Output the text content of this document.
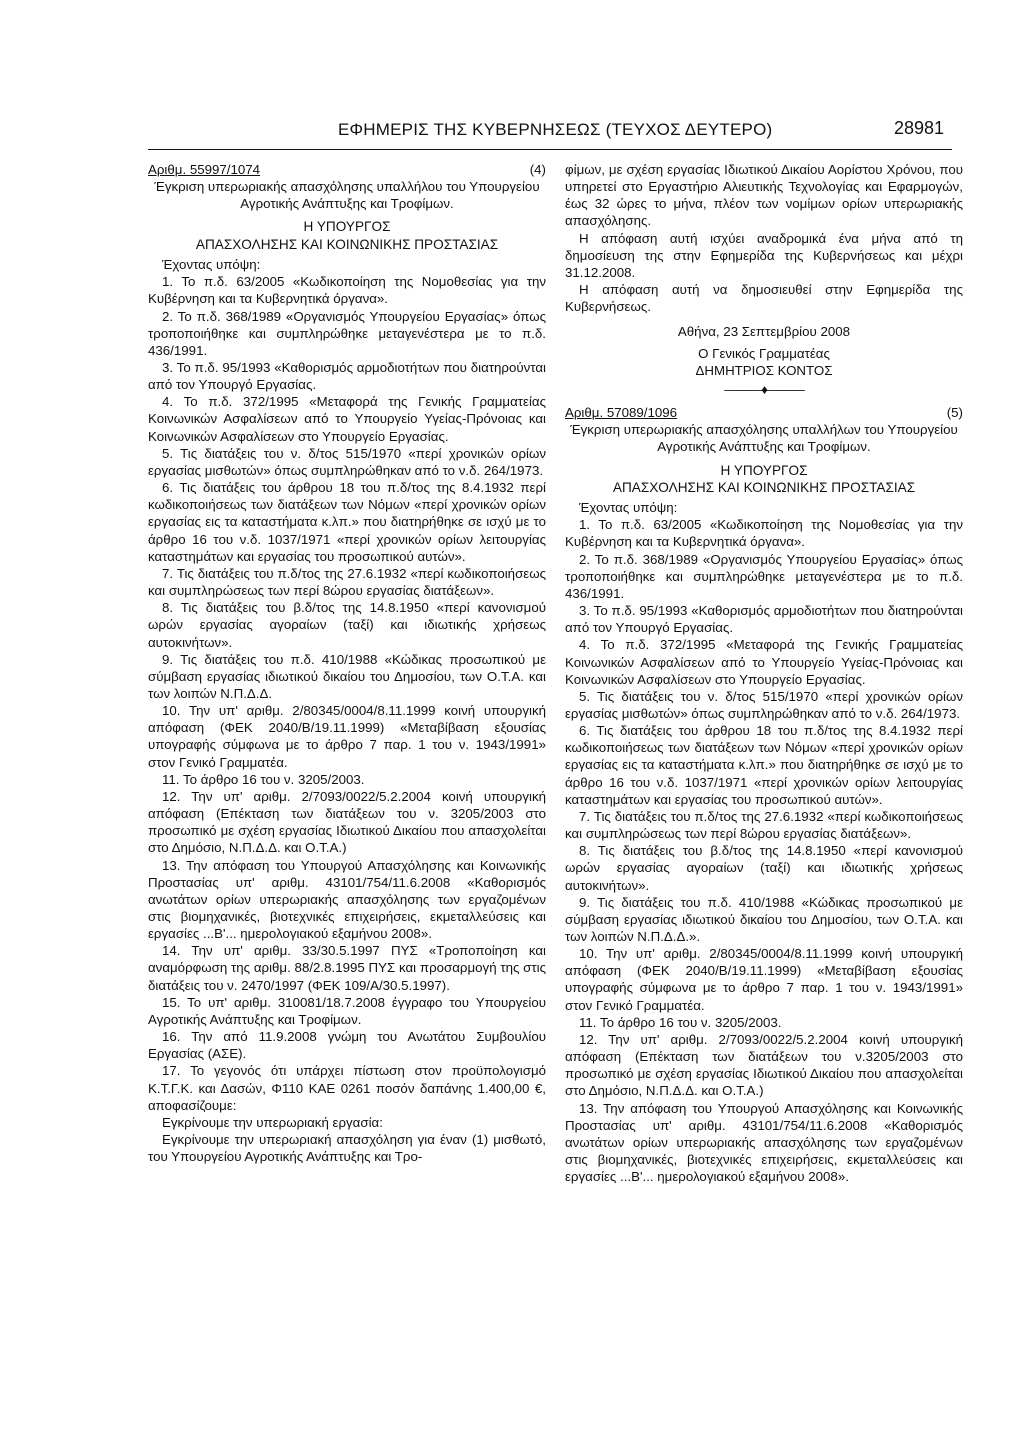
ΕΦΗΜΕΡΙΣ ΤΗΣ ΚΥΒΕΡΝΗΣΕΩΣ (ΤΕΥΧΟΣ ΔΕΥΤΕΡΟ)	28981
Αριθμ. 55997/1074	(4)

Έγκριση υπερωριακής απασχόλησης υπαλλήλου του Υπουργείου Αγροτικής Ανάπτυξης και Τροφίμων.

Η ΥΠΟΥΡΓΟΣ
ΑΠΑΣΧΟΛΗΣΗΣ ΚΑΙ ΚΟΙΝΩΝΙΚΗΣ ΠΡΟΣΤΑΣΙΑΣ

Έχοντας υπόψη:

1. Το π.δ. 63/2005 «Κωδικοποίηση της Νομοθεσίας για την Κυβέρνηση και τα Κυβερνητικά όργανα».

2. Το π.δ. 368/1989 «Οργανισμός Υπουργείου Εργασίας» όπως τροποποιήθηκε και συμπληρώθηκε μεταγενέστερα με το π.δ. 436/1991.

3. Το π.δ. 95/1993 «Καθορισμός αρμοδιοτήτων που διατηρούνται από τον Υπουργό Εργασίας.

4. Το π.δ. 372/1995 «Μεταφορά της Γενικής Γραμματείας Κοινωνικών Ασφαλίσεων από το Υπουργείο Υγείας-Πρόνοιας και Κοινωνικών Ασφαλίσεων στο Υπουργείο Εργασίας.

5. Τις διατάξεις του ν. δ/τος 515/1970 «περί χρονικών ορίων εργασίας μισθωτών» όπως συμπληρώθηκαν από το ν.δ. 264/1973.

6. Τις διατάξεις του άρθρου 18 του π.δ/τος της 8.4.1932 περί κωδικοποιήσεως των διατάξεων των Νόμων «περί χρονικών ορίων εργασίας εις τα καταστήματα κ.λπ.» που διατηρήθηκε σε ισχύ με το άρθρο 16 του ν.δ. 1037/1971 «περί χρονικών ορίων λειτουργίας καταστημάτων και εργασίας του προσωπικού αυτών».

7. Τις διατάξεις του π.δ/τος της 27.6.1932 «περί κωδικοποιήσεως και συμπληρώσεως των περί 8ώρου εργασίας διατάξεων».

8. Τις διατάξεις του β.δ/τος της 14.8.1950 «περί κανονισμού ωρών εργασίας αγοραίων (ταξί) και ιδιωτικής χρήσεως αυτοκινήτων».

9. Τις διατάξεις του π.δ. 410/1988 «Κώδικας προσωπικού με σύμβαση εργασίας ιδιωτικού δικαίου του Δημοσίου, των Ο.Τ.Α. και των λοιπών Ν.Π.Δ.Δ.

10. Την υπ' αριθμ. 2/80345/0004/8.11.1999 κοινή υπουργική απόφαση (ΦΕΚ 2040/Β/19.11.1999) «Μεταβίβαση εξουσίας υπογραφής σύμφωνα με το άρθρο 7 παρ. 1 του ν. 1943/1991» στον Γενικό Γραμματέα.

11. Το άρθρο 16 του ν. 3205/2003.

12. Την υπ' αριθμ. 2/7093/0022/5.2.2004 κοινή υπουργική απόφαση (Επέκταση των διατάξεων του ν. 3205/2003 στο προσωπικό με σχέση εργασίας Ιδιωτικού Δικαίου που απασχολείται στο Δημόσιο, Ν.Π.Δ.Δ. και Ο.Τ.Α.)

13. Την απόφαση του Υπουργού Απασχόλησης και Κοινωνικής Προστασίας υπ' αριθμ. 43101/754/11.6.2008 «Καθορισμός ανωτάτων ορίων υπερωριακής απασχόλησης των εργαζομένων στις βιομηχανικές, βιοτεχνικές επιχειρήσεις, εκμεταλλεύσεις και εργασίες ...Β'... ημερολογιακού εξαμήνου 2008».

14. Την υπ' αριθμ. 33/30.5.1997 ΠΥΣ «Τροποποίηση και αναμόρφωση της αριθμ. 88/2.8.1995 ΠΥΣ και προσαρμογή της στις διατάξεις του ν. 2470/1997 (ΦΕΚ 109/Α/30.5.1997).

15. Το υπ' αριθμ. 310081/18.7.2008 έγγραφο του Υπουργείου Αγροτικής Ανάπτυξης και Τροφίμων.

16. Την από 11.9.2008 γνώμη του Ανωτάτου Συμβουλίου Εργασίας (ΑΣΕ).

17. Το γεγονός ότι υπάρχει πίστωση στον προϋπολογισμό Κ.Τ.Γ.Κ. και Δασών, Φ110 ΚΑΕ 0261 ποσόν δαπάνης 1.400,00 €, αποφασίζουμε:

Εγκρίνουμε την υπερωριακή εργασία:

Εγκρίνουμε την υπερωριακή απασχόληση για έναν (1) μισθωτό, του Υπουργείου Αγροτικής Ανάπτυξης και Τρο-

φίμων, με σχέση εργασίας Ιδιωτικού Δικαίου Αορίστου Χρόνου, που υπηρετεί στο Εργαστήριο Αλιευτικής Τεχνολογίας και Εφαρμογών, έως 32 ώρες το μήνα, πλέον των νομίμων ορίων υπερωριακής απασχόλησης.

Η απόφαση αυτή ισχύει αναδρομικά ένα μήνα από τη δημοσίευση της στην Εφημερίδα της Κυβερνήσεως και μέχρι 31.12.2008.

Η απόφαση αυτή να δημοσιευθεί στην Εφημερίδα της Κυβερνήσεως.

Αθήνα, 23 Σεπτεμβρίου 2008

Ο Γενικός Γραμματέας

ΔΗΜΗΤΡΙΟΣ ΚΟΝΤΟΣ

———♦———

Αριθμ. 57089/1096	(5)

Έγκριση υπερωριακής απασχόλησης υπαλλήλων του Υπουργείου Αγροτικής Ανάπτυξης και Τροφίμων.

Η ΥΠΟΥΡΓΟΣ
ΑΠΑΣΧΟΛΗΣΗΣ ΚΑΙ ΚΟΙΝΩΝΙΚΗΣ ΠΡΟΣΤΑΣΙΑΣ

Έχοντας υπόψη:

1. Το π.δ. 63/2005 «Κωδικοποίηση της Νομοθεσίας για την Κυβέρνηση και τα Κυβερνητικά όργανα».

2. Το π.δ. 368/1989 «Οργανισμός Υπουργείου Εργασίας» όπως τροποποιήθηκε και συμπληρώθηκε μεταγενέστερα με το π.δ. 436/1991.

3. Το π.δ. 95/1993 «Καθορισμός αρμοδιοτήτων που διατηρούνται από τον Υπουργό Εργασίας.

4. Το π.δ. 372/1995 «Μεταφορά της Γενικής Γραμματείας Κοινωνικών Ασφαλίσεων από το Υπουργείο Υγείας-Πρόνοιας και Κοινωνικών Ασφαλίσεων στο Υπουργείο Εργασίας.

5. Τις διατάξεις του ν. δ/τος 515/1970 «περί χρονικών ορίων εργασίας μισθωτών» όπως συμπληρώθηκαν από το ν.δ. 264/1973.

6. Τις διατάξεις του άρθρου 18 του π.δ/τος της 8.4.1932 περί κωδικοποιήσεως των διατάξεων των Νόμων «περί χρονικών ορίων εργασίας εις τα καταστήματα κ.λπ.» που διατηρήθηκε σε ισχύ με το άρθρο 16 του ν.δ. 1037/1971 «περί χρονικών ορίων λειτουργίας καταστημάτων και εργασίας του προσωπικού αυτών».

7. Τις διατάξεις του π.δ/τος της 27.6.1932 «περί κωδικοποιήσεως και συμπληρώσεως των περί 8ώρου εργασίας διατάξεων».

8. Τις διατάξεις του β.δ/τος της 14.8.1950 «περί κανονισμού ωρών εργασίας αγοραίων (ταξί) και ιδιωτικής χρήσεως αυτοκινήτων».

9. Τις διατάξεις του π.δ. 410/1988 «Κώδικας προσωπικού με σύμβαση εργασίας ιδιωτικού δικαίου του Δημοσίου, των Ο.Τ.Α. και των λοιπών Ν.Π.Δ.Δ.».

10. Την υπ' αριθμ. 2/80345/0004/8.11.1999 κοινή υπουργική απόφαση (ΦΕΚ 2040/Β/19.11.1999) «Μεταβίβαση εξουσίας υπογραφής σύμφωνα με το άρθρο 7 παρ. 1 του ν. 1943/1991» στον Γενικό Γραμματέα.

11. Το άρθρο 16 του ν. 3205/2003.

12. Την υπ' αριθμ. 2/7093/0022/5.2.2004 κοινή υπουργική απόφαση (Επέκταση των διατάξεων του ν.3205/2003 στο προσωπικό με σχέση εργασίας Ιδιωτικού Δικαίου που απασχολείται στο Δημόσιο, Ν.Π.Δ.Δ. και Ο.Τ.Α.)

13. Την απόφαση του Υπουργού Απασχόλησης και Κοινωνικής Προστασίας υπ' αριθμ. 43101/754/11.6.2008 «Καθορισμός ανωτάτων ορίων υπερωριακής απασχόλησης των εργαζομένων στις βιομηχανικές, βιοτεχνικές επιχειρήσεις, εκμεταλλεύσεις και εργασίες ...Β'... ημερολογιακού εξαμήνου 2008».
